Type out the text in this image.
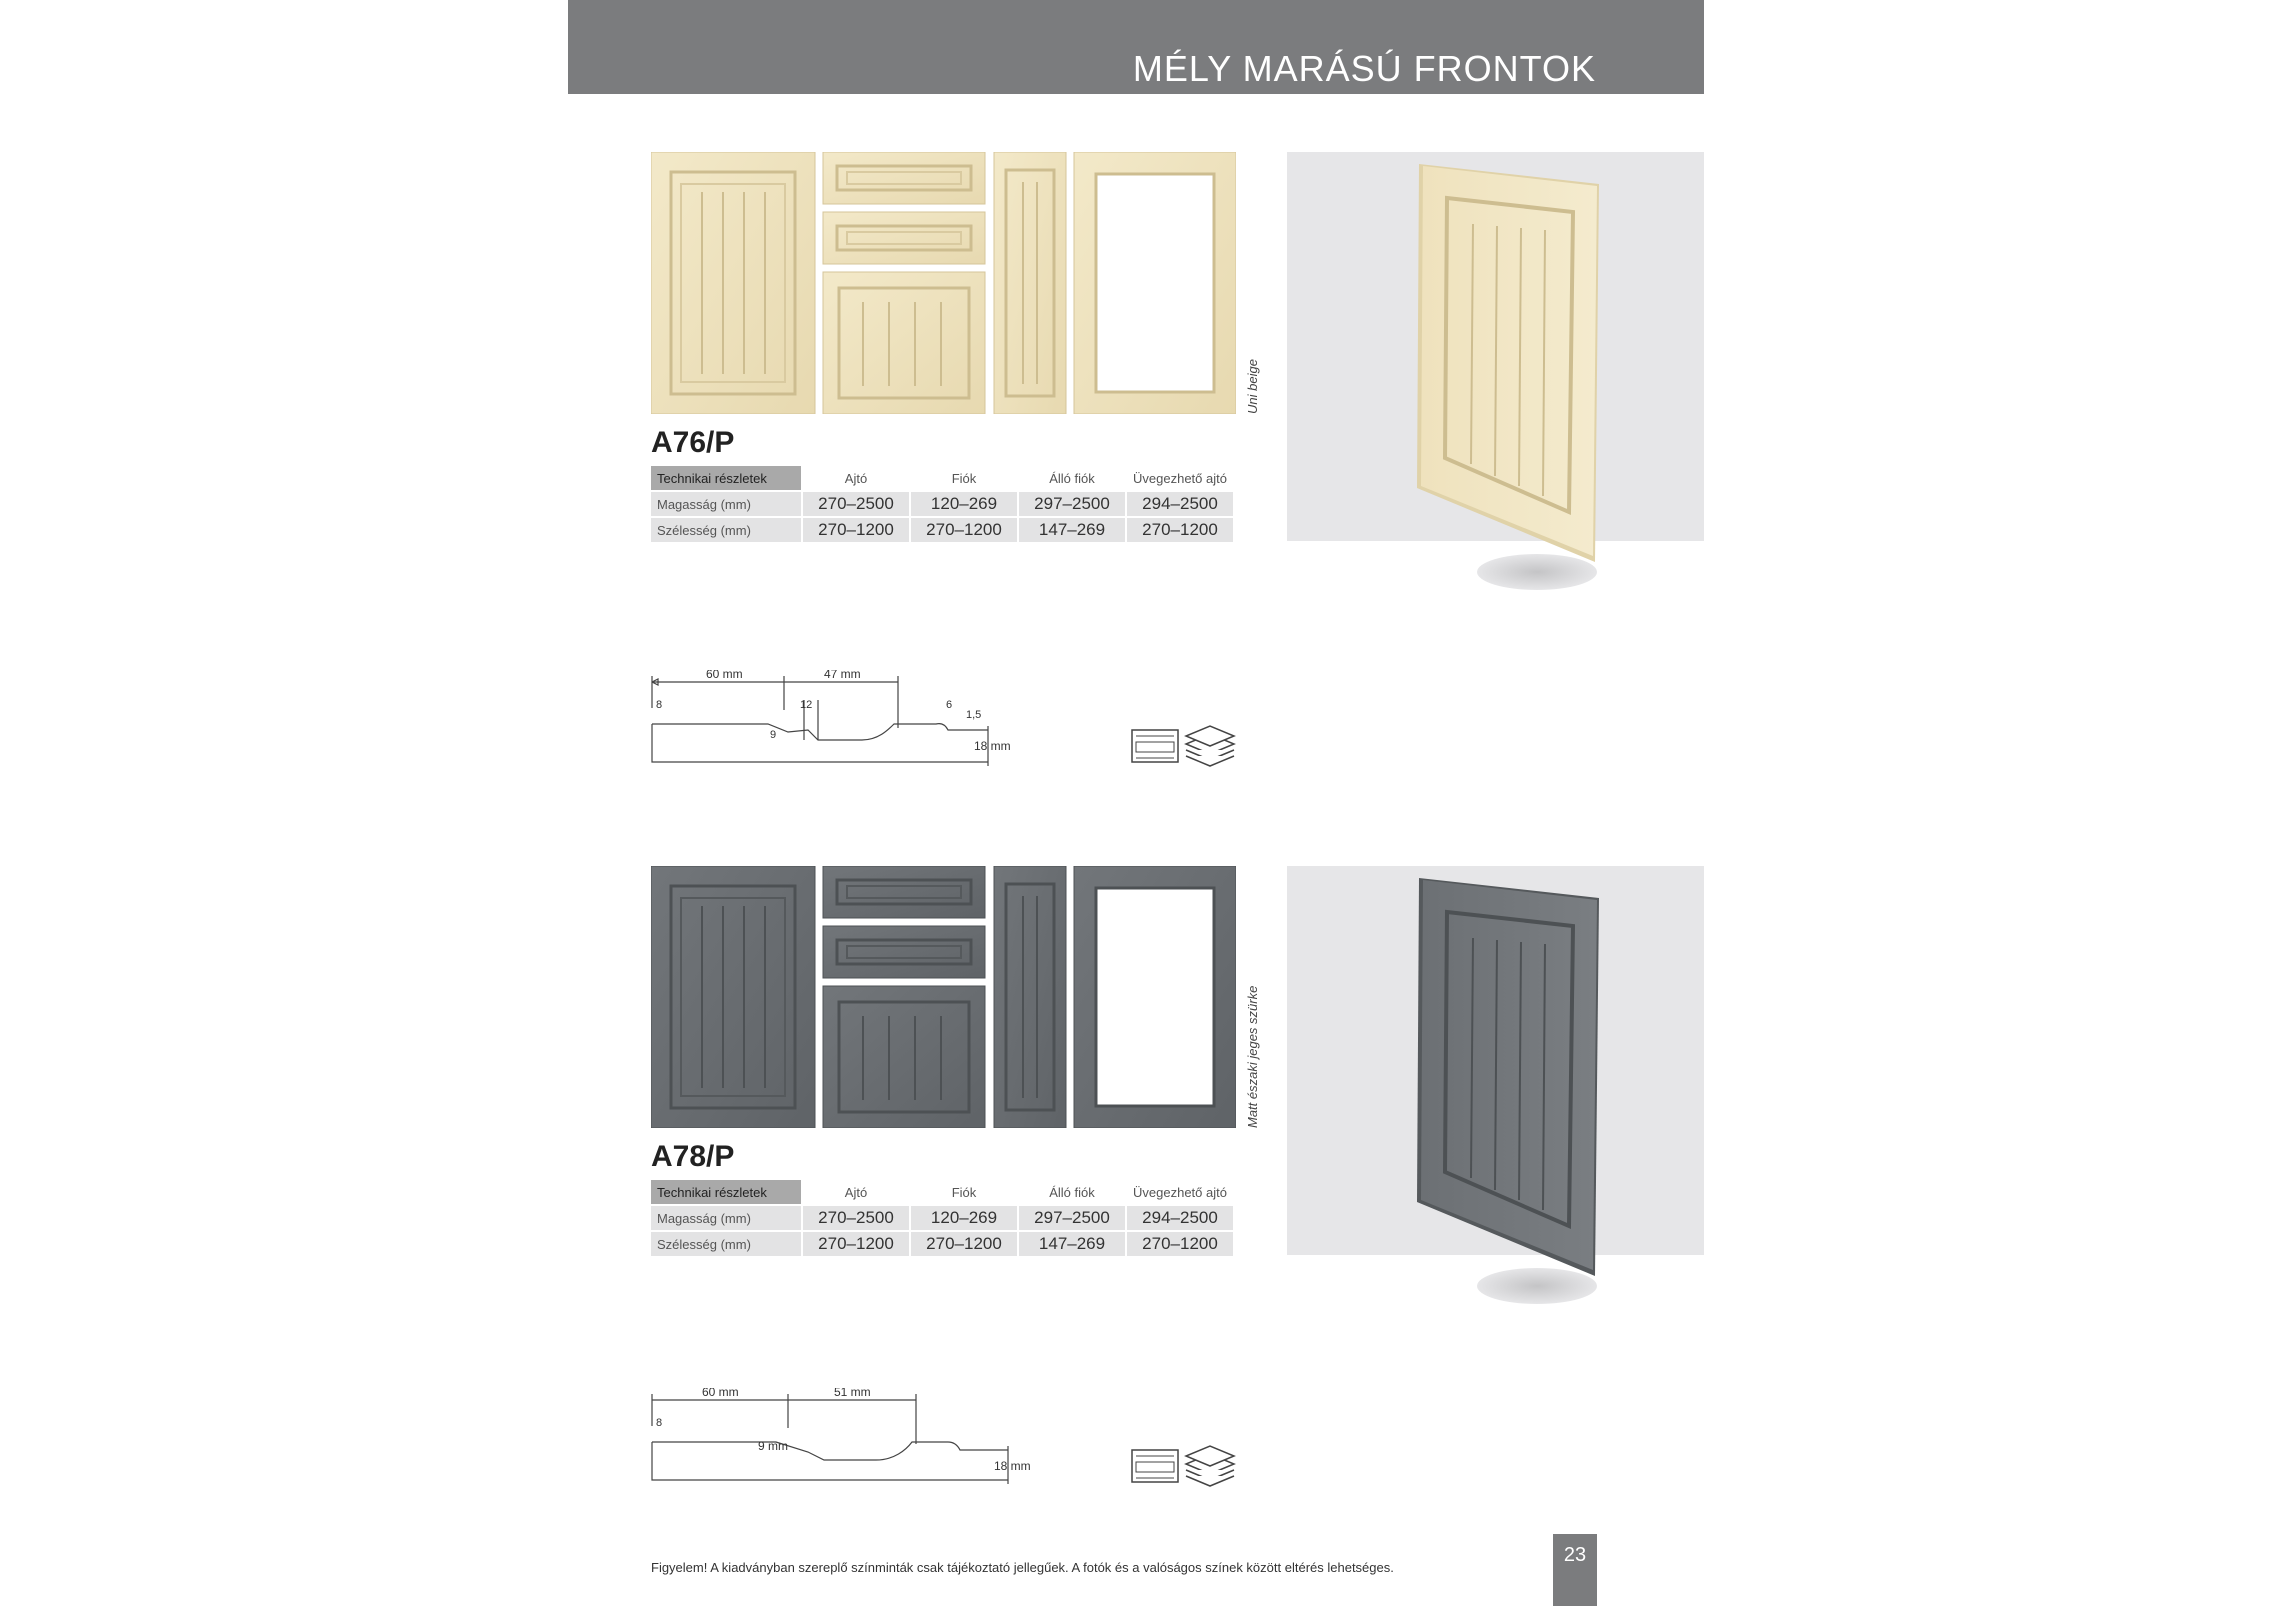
MÉLY MARÁSÚ FRONTOK
Uni beige
A76/P
Technikai részletek	Ajtó	Fiók	Álló fiók	Üvegezhető ajtó
Magasság (mm)	270–2500	120–269	297–2500	294–2500
Szélesség (mm)	270–1200	270–1200	147–269	270–1200
60 mm	47 mm
8	12
9
6
1,5
18 mm
Matt északi jeges szürke
A78/P
Technikai részletek	Ajtó	Fiók	Álló fiók	Üvegezhető ajtó
Magasság (mm)	270–2500	120–269	297–2500	294–2500
Szélesség (mm)	270–1200	270–1200	147–269	270–1200
60 mm	51 mm
8
9 mm
18 mm
Figyelem! A kiadványban szereplő színminták csak tájékoztató jellegűek. A fotók és a valóságos színek között eltérés lehetséges.
23
